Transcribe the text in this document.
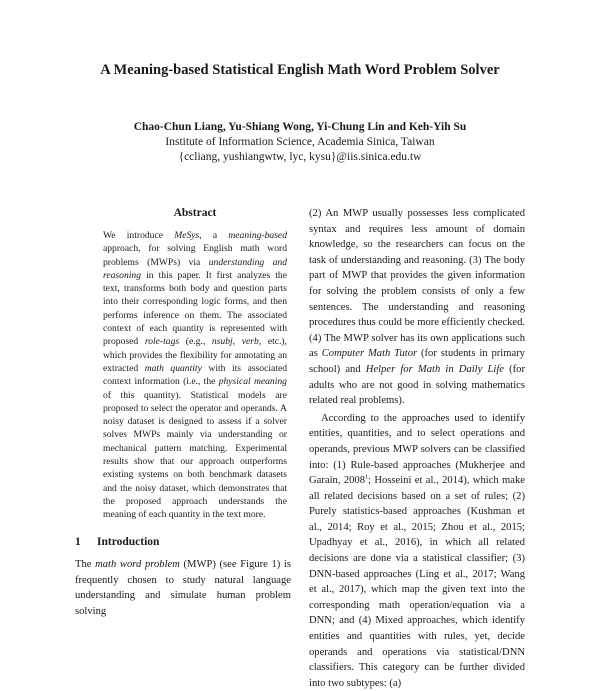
A Meaning-based Statistical English Math Word Problem Solver
Chao-Chun Liang, Yu-Shiang Wong, Yi-Chung Lin and Keh-Yih Su
Institute of Information Science, Academia Sinica, Taiwan
{ccliang, yushiangwtw, lyc, kysu}@iis.sinica.edu.tw
Abstract

We introduce MeSys, a meaning-based approach, for solving English math word problems (MWPs) via understanding and reasoning in this paper. It first analyzes the text, transforms both body and question parts into their corresponding logic forms, and then performs inference on them. The associated context of each quantity is represented with proposed role-tags (e.g., nsubj, verb, etc.), which provides the flexibility for annotating an extracted math quantity with its associated context information (i.e., the physical meaning of this quantity). Statistical models are proposed to select the operator and operands. A noisy dataset is designed to assess if a solver solves MWPs mainly via understanding or mechanical pattern matching. Experimental results show that our approach outperforms existing systems on both benchmark datasets and the noisy dataset, which demonstrates that the proposed approach understands the meaning of each quantity in the text more.

1 Introduction

The math word problem (MWP) (see Figure 1) is frequently chosen to study natural language understanding and simulate human problem solving

(2) An MWP usually possesses less complicated syntax and requires less amount of domain knowledge, so the researchers can focus on the task of understanding and reasoning. (3) The body part of MWP that provides the given information for solving the problem consists of only a few sentences. The understanding and reasoning procedures thus could be more efficiently checked. (4) The MWP solver has its own applications such as Computer Math Tutor (for students in primary school) and Helper for Math in Daily Life (for adults who are not good in solving mathematics related real problems).

According to the approaches used to identify entities, quantities, and to select operations and operands, previous MWP solvers can be classified into: (1) Rule-based approaches (Mukherjee and Garain, 2008$^1$; Hosseini et al., 2014), which make all related decisions based on a set of rules; (2) Purely statistics-based approaches (Kushman et al., 2014; Roy et al., 2015; Zhou et al., 2015; Upadhyay et al., 2016), in which all related decisions are done via a statistical classifier; (3) DNN-based approaches (Ling et al., 2017; Wang et al., 2017), which map the given text into the corresponding math operation/equation via a DNN; and (4) Mixed approaches, which identify entities and quantities with rules, yet, decide operands and operations via statistical/DNN classifiers. This category can be further divided into two subtypes: (a)
